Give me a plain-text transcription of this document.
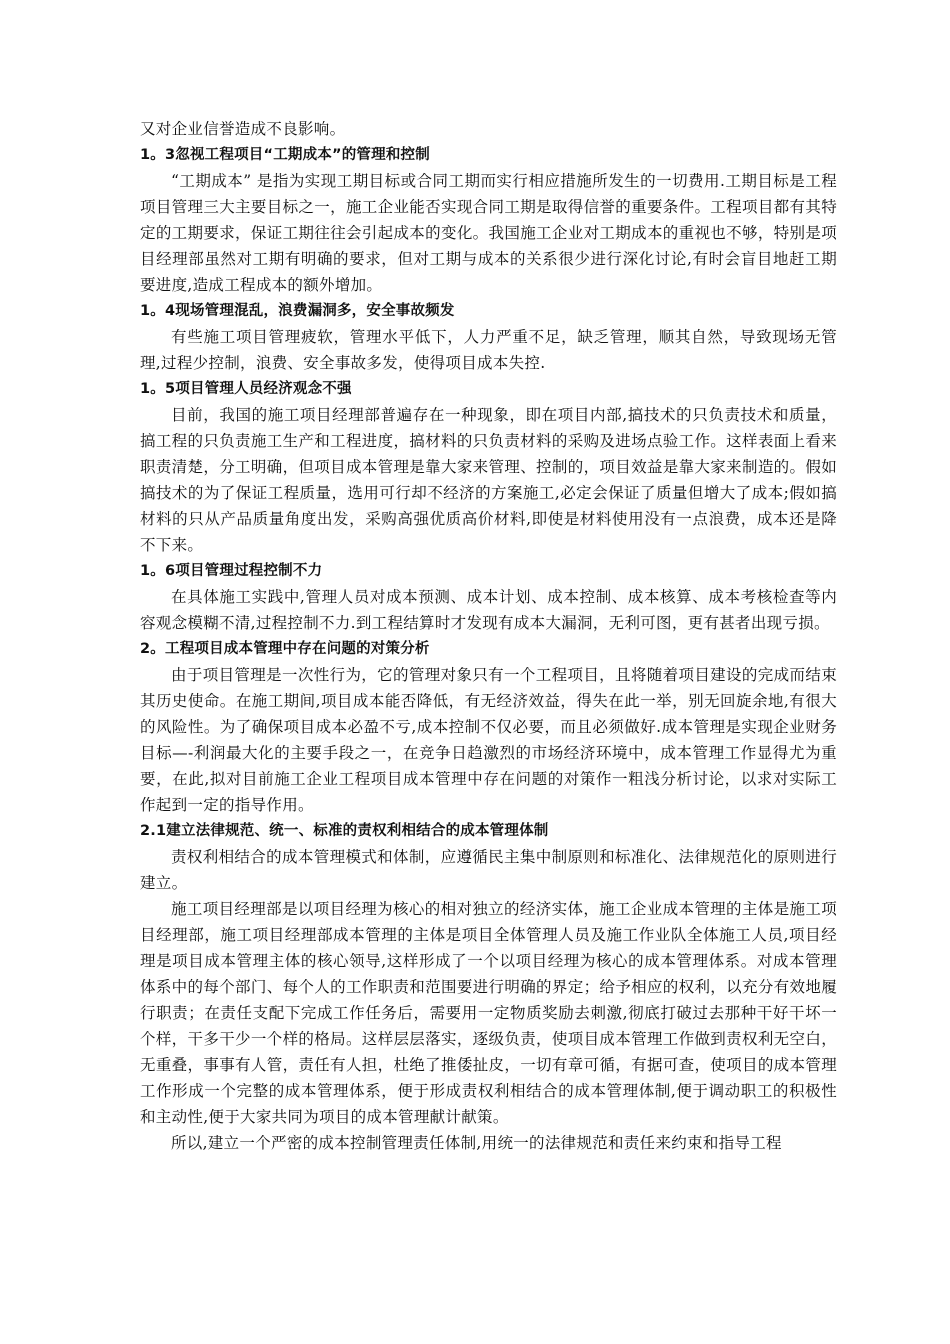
又对企业信誉造成不良影响。

1。3忽视工程项目“工期成本”的管理和控制

“工期成本” 是指为实现工期目标或合同工期而实行相应措施所发生的一切费用.工期目标是工程项目管理三大主要目标之一，施工企业能否实现合同工期是取得信誉的重要条件。工程项目都有其特定的工期要求，保证工期往往会引起成本的变化。我国施工企业对工期成本的重视也不够，特别是项目经理部虽然对工期有明确的要求，但对工期与成本的关系很少进行深化讨论,有时会盲目地赶工期要进度,造成工程成本的额外增加。

1。4现场管理混乱，浪费漏洞多，安全事故频发

有些施工项目管理疲软，管理水平低下，人力严重不足，缺乏管理，顺其自然，导致现场无管理,过程少控制，浪费、安全事故多发，使得项目成本失控.

1。5项目管理人员经济观念不强

目前，我国的施工项目经理部普遍存在一种现象，即在项目内部,搞技术的只负责技术和质量，搞工程的只负责施工生产和工程进度，搞材料的只负责材料的采购及进场点验工作。这样表面上看来职责清楚，分工明确，但项目成本管理是靠大家来管理、控制的，项目效益是靠大家来制造的。假如搞技术的为了保证工程质量，选用可行却不经济的方案施工,必定会保证了质量但增大了成本;假如搞材料的只从产品质量角度出发，采购高强优质高价材料,即使是材料使用没有一点浪费，成本还是降不下来。

1。6项目管理过程控制不力

在具体施工实践中,管理人员对成本预测、成本计划、成本控制、成本核算、成本考核检查等内容观念模糊不清,过程控制不力.到工程结算时才发现有成本大漏洞，无利可图，更有甚者出现亏损。

2。工程项目成本管理中存在问题的对策分析

由于项目管理是一次性行为，它的管理对象只有一个工程项目，且将随着项目建设的完成而结束其历史使命。在施工期间,项目成本能否降低，有无经济效益，得失在此一举，别无回旋余地,有很大的风险性。为了确保项目成本必盈不亏,成本控制不仅必要，而且必须做好.成本管理是实现企业财务目标—-利润最大化的主要手段之一，在竞争日趋激烈的市场经济环境中，成本管理工作显得尤为重要，在此,拟对目前施工企业工程项目成本管理中存在问题的对策作一粗浅分析讨论，以求对实际工作起到一定的指导作用。

2.1建立法律规范、统一、标准的责权利相结合的成本管理体制

责权利相结合的成本管理模式和体制，应遵循民主集中制原则和标准化、法律规范化的原则进行建立。

施工项目经理部是以项目经理为核心的相对独立的经济实体，施工企业成本管理的主体是施工项目经理部，施工项目经理部成本管理的主体是项目全体管理人员及施工作业队全体施工人员,项目经理是项目成本管理主体的核心领导,这样形成了一个以项目经理为核心的成本管理体系。对成本管理体系中的每个部门、每个人的工作职责和范围要进行明确的界定；给予相应的权利，以充分有效地履行职责；在责任支配下完成工作任务后，需要用一定物质奖励去刺激,彻底打破过去那种干好干坏一个样，干多干少一个样的格局。这样层层落实，逐级负责，使项目成本管理工作做到责权利无空白，无重叠，事事有人管，责任有人担，杜绝了推倭扯皮，一切有章可循，有据可查，使项目的成本管理工作形成一个完整的成本管理体系，便于形成责权利相结合的成本管理体制,便于调动职工的积极性和主动性,便于大家共同为项目的成本管理献计献策。

所以,建立一个严密的成本控制管理责任体制,用统一的法律规范和责任来约束和指导工程
